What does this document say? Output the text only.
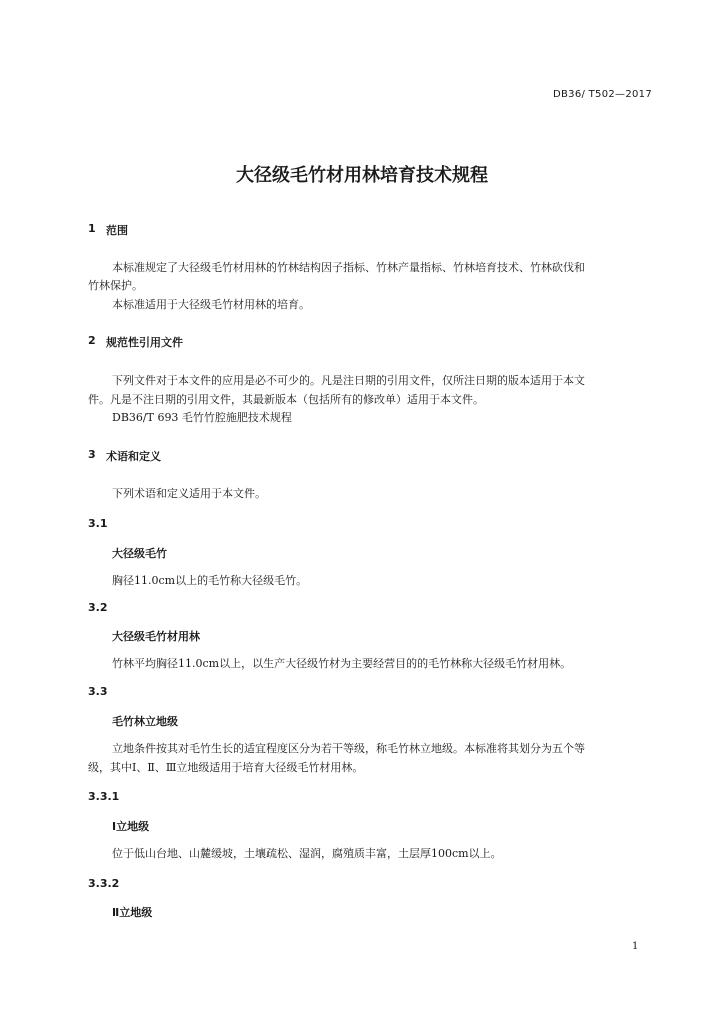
DB36/ T502—2017
大径级毛竹材用林培育技术规程
1 范围
本标准规定了大径级毛竹材用林的竹林结构因子指标、竹林产量指标、竹林培育技术、竹林砍伐和
竹林保护。
本标准适用于大径级毛竹材用林的培育。
2 规范性引用文件
下列文件对于本文件的应用是必不可少的。凡是注日期的引用文件，仅所注日期的版本适用于本文
件。凡是不注日期的引用文件，其最新版本（包括所有的修改单）适用于本文件。
DB36/T 693 毛竹竹腔施肥技术规程
3 术语和定义
下列术语和定义适用于本文件。
3.1
大径级毛竹
胸径11.0cm以上的毛竹称大径级毛竹。
3.2
大径级毛竹材用林
竹林平均胸径11.0cm以上，以生产大径级竹材为主要经营目的的毛竹林称大径级毛竹材用林。
3.3
毛竹林立地级
立地条件按其对毛竹生长的适宜程度区分为若干等级，称毛竹林立地级。本标准将其划分为五个等
级，其中Ⅰ、Ⅱ、Ⅲ立地级适用于培育大径级毛竹材用林。
3.3.1
Ⅰ立地级
位于低山台地、山麓缓坡，土壤疏松、湿润，腐殖质丰富，土层厚100cm以上。
3.3.2
Ⅱ立地级
1
